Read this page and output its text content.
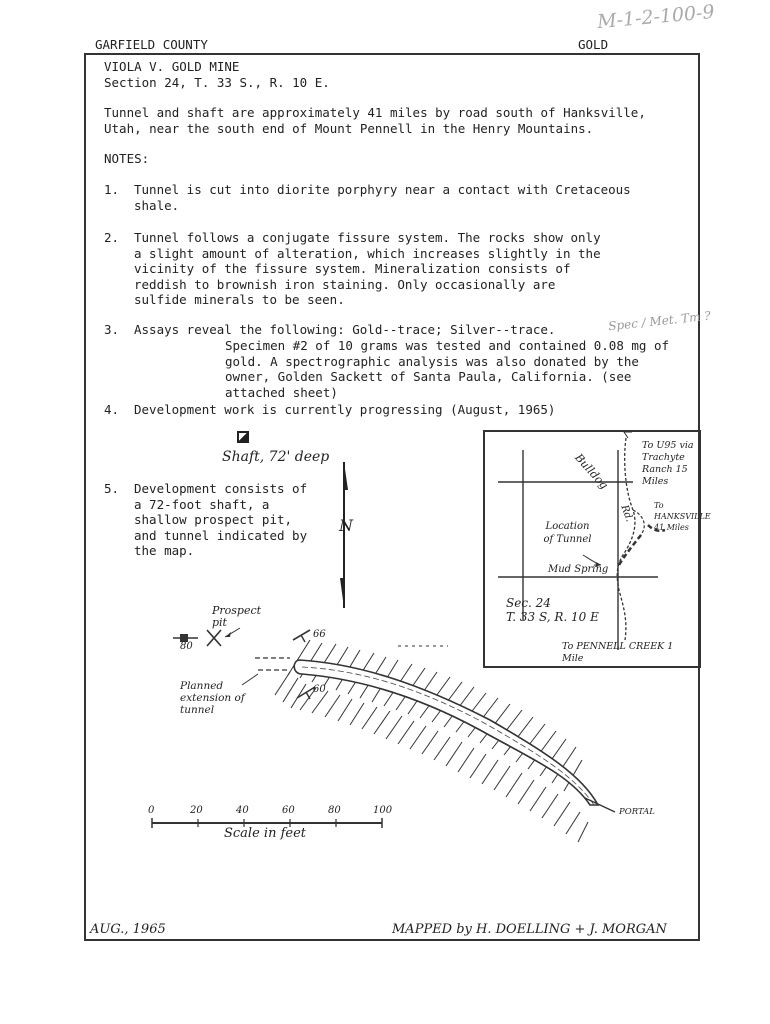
M-1-2-100-9
GARFIELD COUNTY	GOLD
VIOLA V. GOLD MINE
Section 24, T. 33 S., R. 10 E.
Tunnel and shaft are approximately 41 miles by road south of Hanksville, Utah, near the south end of Mount Pennell in the Henry Mountains.
NOTES:
1. Tunnel is cut into diorite porphyry near a contact with Cretaceous shale.
2. Tunnel follows a conjugate fissure system. The rocks show only a slight amount of alteration, which increases slightly in the vicinity of the fissure system. Mineralization consists of reddish to brownish iron staining. Only occasionally are sulfide minerals to be seen.
3. Assays reveal the following: Gold--trace; Silver--trace.
Specimen #2 of 10 grams was tested and contained 0.08 mg of gold. A spectrographic analysis was also donated by the owner, Golden Sackett of Santa Paula, California. (see attached sheet)
Spec / Met. Tm ?
4. Development work is currently progressing (August, 1965)
5. Development consists of a 72-foot shaft, a shallow prospect pit, and tunnel indicated by the map.
Shaft, 72' deep
N
Bulldog
Rd.
To U95 via Trachyte Ranch 15 Miles
To HANKSVILLE 41 Miles
Location of Tunnel
Mud Spring
Sec. 24
T. 33 S, R. 10 E
To PENNELL CREEK 1 Mile
Prospect pit
80
66
60
Planned extension of tunnel
PORTAL
0	20	40	60	80	100
Scale in feet
AUG., 1965	MAPPED by H. DOELLING + J. MORGAN
